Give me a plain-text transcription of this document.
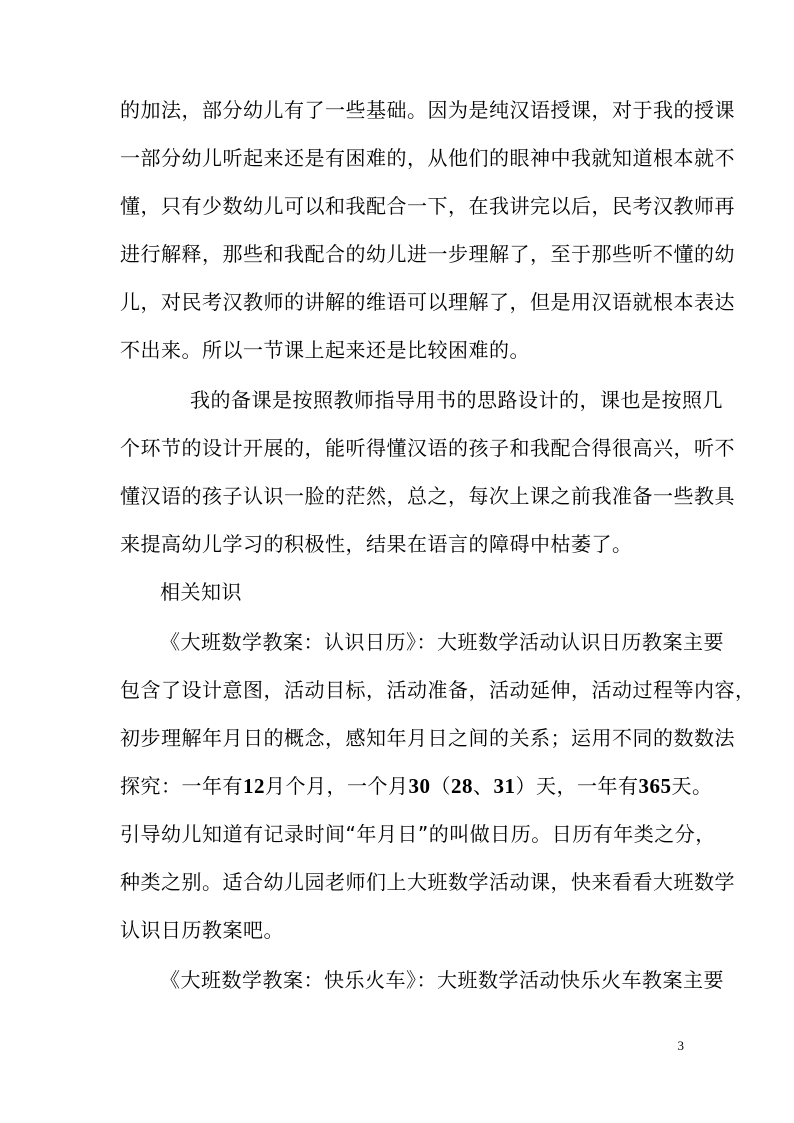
的加法，部分幼儿有了一些基础。因为是纯汉语授课，对于我的授课
一部分幼儿听起来还是有困难的，从他们的眼神中我就知道根本就不
懂，只有少数幼儿可以和我配合一下，在我讲完以后，民考汉教师再
进行解释，那些和我配合的幼儿进一步理解了，至于那些听不懂的幼
儿，对民考汉教师的讲解的维语可以理解了，但是用汉语就根本表达
不出来。所以一节课上起来还是比较困难的。
我的备课是按照教师指导用书的思路设计的，课也是按照几
个环节的设计开展的，能听得懂汉语的孩子和我配合得很高兴，听不
懂汉语的孩子认识一脸的茫然，总之，每次上课之前我准备一些教具
来提高幼儿学习的积极性，结果在语言的障碍中枯萎了。
相关知识
《大班数学教案：认识日历》：大班数学活动认识日历教案主要
包含了设计意图，活动目标，活动准备，活动延伸，活动过程等内容，
初步理解年月日的概念，感知年月日之间的关系；运用不同的数数法
探究：一年有12月个月，一个月30（28、31）天，一年有365天。
引导幼儿知道有记录时间“年月日”的叫做日历。日历有年类之分，
种类之别。适合幼儿园老师们上大班数学活动课，快来看看大班数学
认识日历教案吧。
《大班数学教案：快乐火车》：大班数学活动快乐火车教案主要
3
